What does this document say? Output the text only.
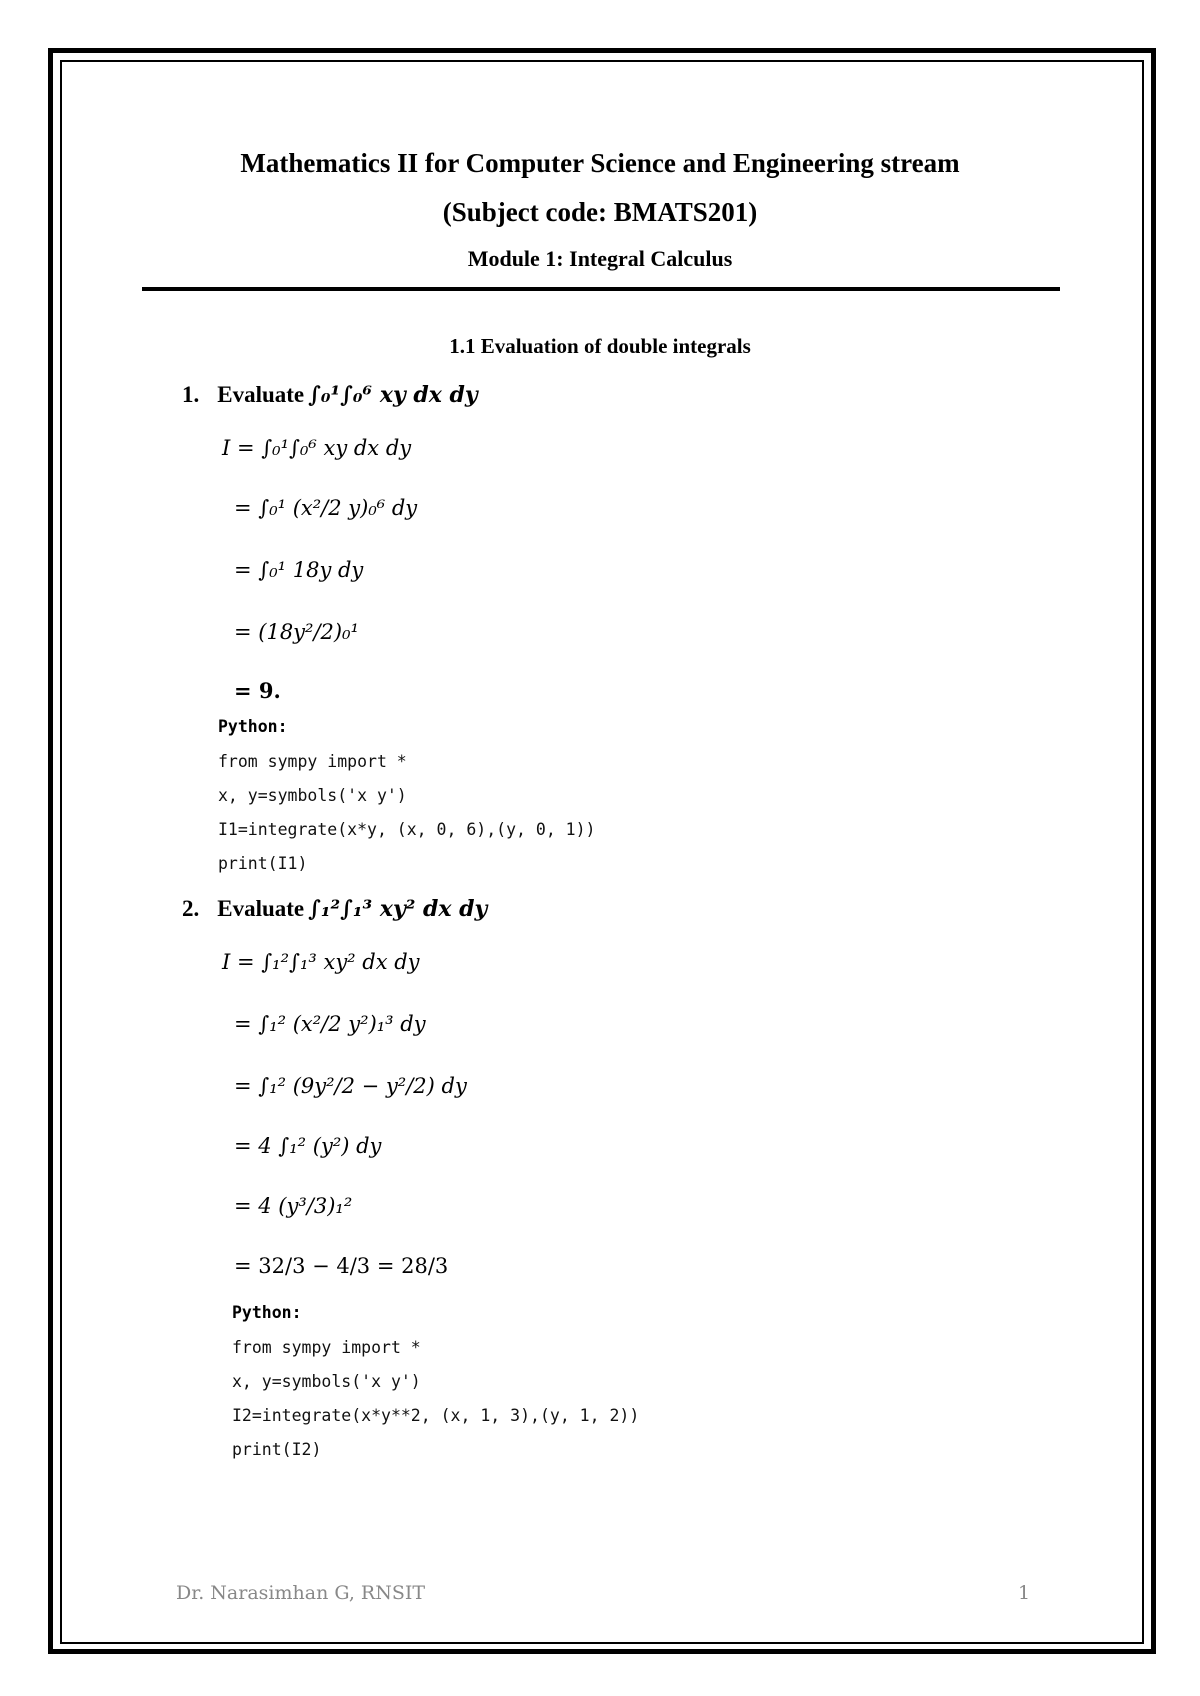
Mathematics II for Computer Science and Engineering stream
(Subject code: BMATS201)
Module 1: Integral Calculus
1.1 Evaluation of double integrals
1. Evaluate ∫₀¹∫₀⁶ xy dx dy
I = ∫₀¹∫₀⁶ xy dx dy
= ∫₀¹ (x²/2 y)₀⁶ dy
= ∫₀¹ 18y dy
= (18y²/2)₀¹
= 9.
Python:
from sympy import *
x, y=symbols('x y')
I1=integrate(x*y, (x, 0, 6),(y, 0, 1))
print(I1)
2. Evaluate ∫₁²∫₁³ xy² dx dy
I = ∫₁²∫₁³ xy² dx dy
= ∫₁² (x²/2 y²)₁³ dy
= ∫₁² (9y²/2 − y²/2) dy
= 4 ∫₁² (y²) dy
= 4 (y³/3)₁²
= 32/3 − 4/3 = 28/3
Python:
from sympy import *
x, y=symbols('x y')
I2=integrate(x*y**2, (x, 1, 3),(y, 1, 2))
print(I2)
Dr. Narasimhan G, RNSIT	1
